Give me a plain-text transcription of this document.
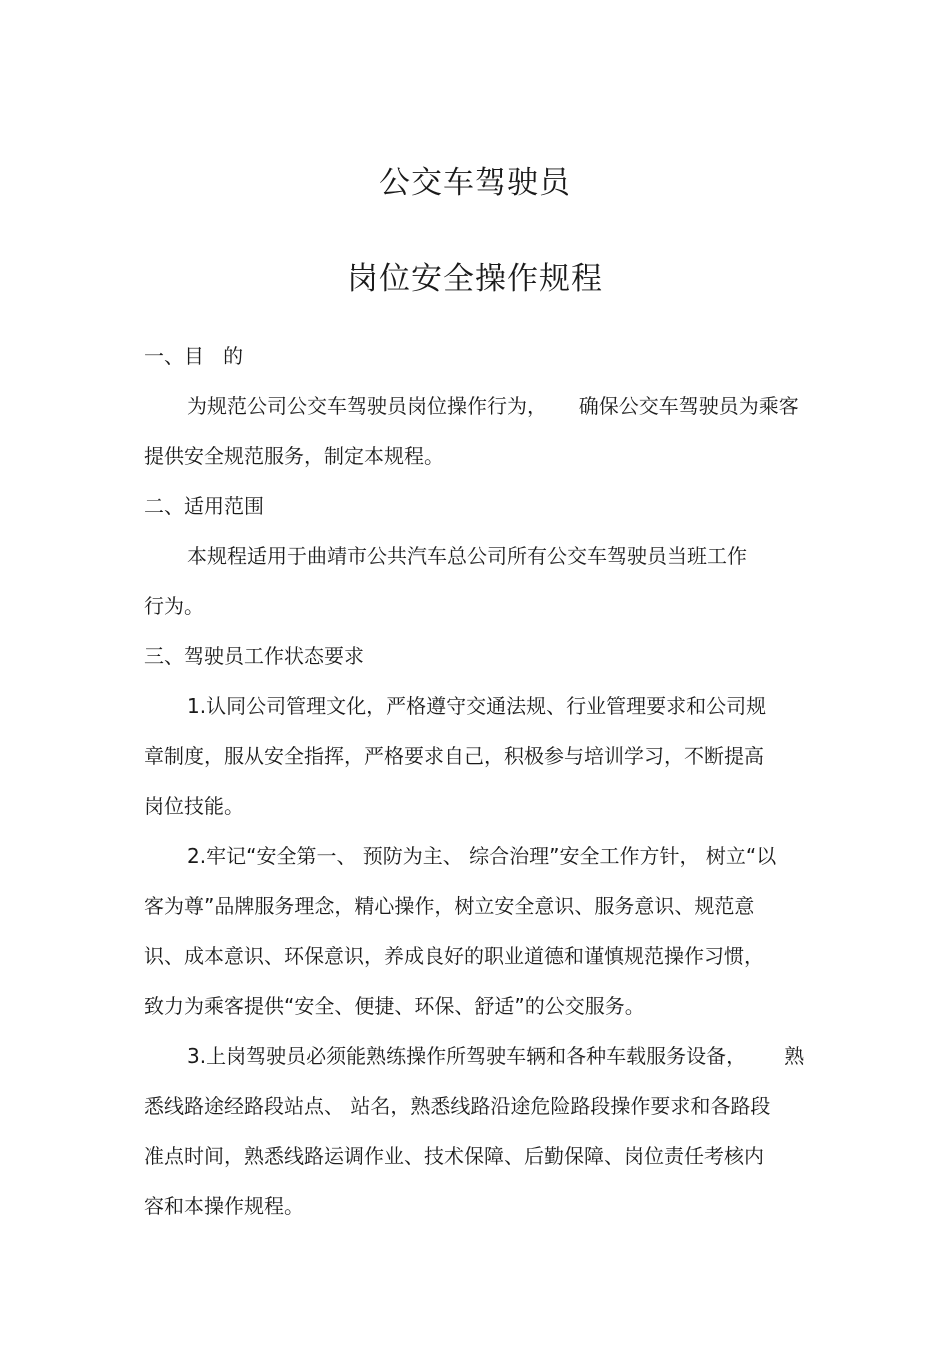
公交车驾驶员
岗位安全操作规程
一、目   的
为规范公司公交车驾驶员岗位操作行为，     确保公交车驾驶员为乘客
提供安全规范服务，制定本规程。
二、适用范围
本规程适用于曲靖市公共汽车总公司所有公交车驾驶员当班工作
行为。
三、驾驶员工作状态要求
1.认同公司管理文化，严格遵守交通法规、行业管理要求和公司规
章制度，服从安全指挥，严格要求自己，积极参与培训学习，不断提高
岗位技能。
2.牢记“安全第一、 预防为主、 综合治理”安全工作方针， 树立“以
客为尊”品牌服务理念，精心操作，树立安全意识、服务意识、规范意
识、成本意识、环保意识，养成良好的职业道德和谨慎规范操作习惯，
致力为乘客提供“安全、便捷、环保、舒适”的公交服务。
3.上岗驾驶员必须能熟练操作所驾驶车辆和各种车载服务设备，      熟
悉线路途经路段站点、 站名，熟悉线路沿途危险路段操作要求和各路段
准点时间，熟悉线路运调作业、技术保障、后勤保障、岗位责任考核内
容和本操作规程。
